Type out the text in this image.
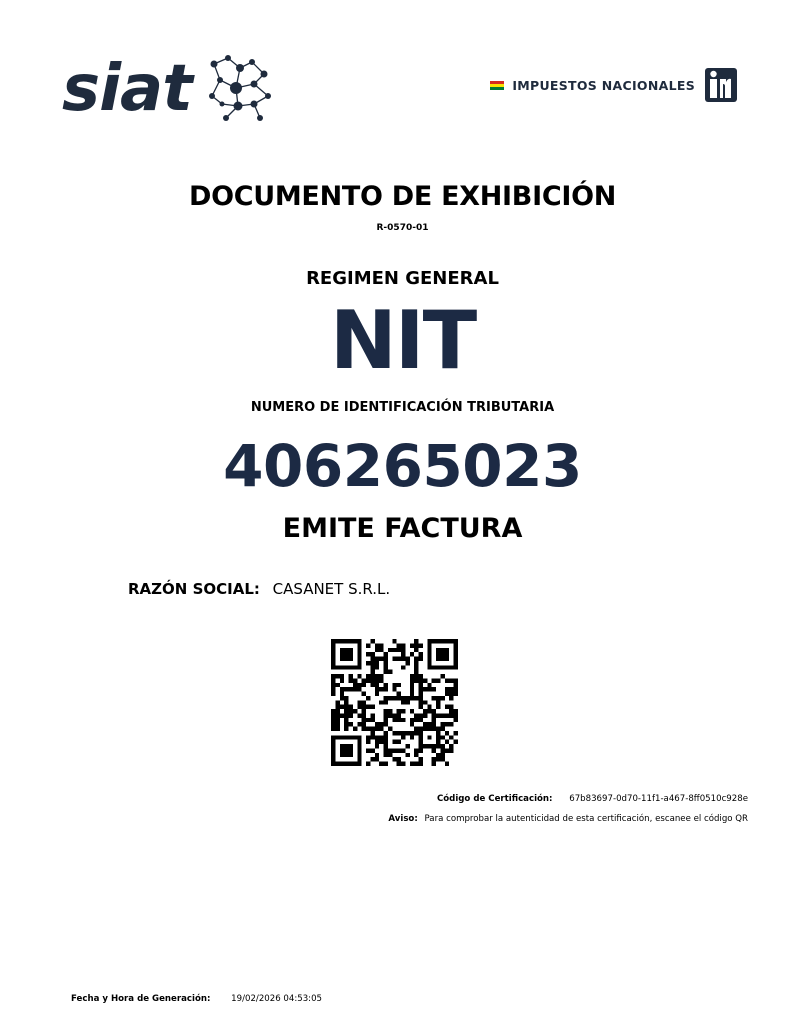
siat	IMPUESTOS NACIONALES
DOCUMENTO DE EXHIBICIÓN
R-0570-01
REGIMEN GENERAL
NIT
NUMERO DE IDENTIFICACIÓN TRIBUTARIA
406265023
EMITE FACTURA
RAZÓN SOCIAL: CASANET S.R.L.
Código de Certificación: 67b83697-0d70-11f1-a467-8ff0510c928e
Aviso: Para comprobar la autenticidad de esta certificación, escanee el código QR
Fecha y Hora de Generación: 19/02/2026 04:53:05
